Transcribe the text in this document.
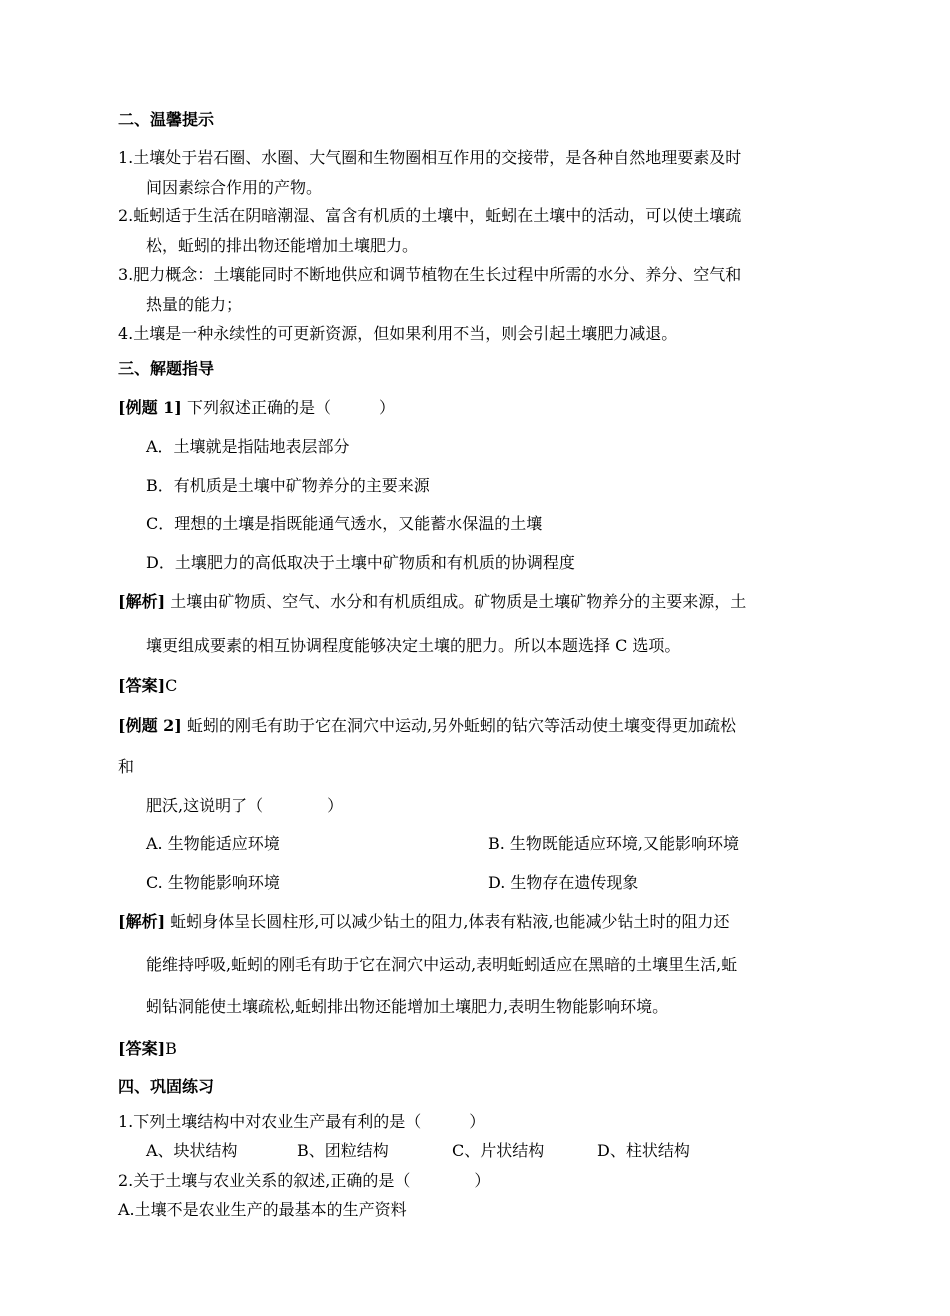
二、温馨提示
1.土壤处于岩石圈、水圈、大气圈和生物圈相互作用的交接带，是各种自然地理要素及时
间因素综合作用的产物。
2.蚯蚓适于生活在阴暗潮湿、富含有机质的土壤中，蚯蚓在土壤中的活动，可以使土壤疏
松，蚯蚓的排出物还能增加土壤肥力。
3.肥力概念：土壤能同时不断地供应和调节植物在生长过程中所需的水分、养分、空气和
热量的能力；
4.土壤是一种永续性的可更新资源，但如果利用不当，则会引起土壤肥力减退。
三、解题指导
[例题 1] 下列叙述正确的是（　　　）
A．土壤就是指陆地表层部分
B．有机质是土壤中矿物养分的主要来源
C．理想的土壤是指既能通气透水，又能蓄水保温的土壤
D．土壤肥力的高低取决于土壤中矿物质和有机质的协调程度
[解析] 土壤由矿物质、空气、水分和有机质组成。矿物质是土壤矿物养分的主要来源，土
壤更组成要素的相互协调程度能够决定土壤的肥力。所以本题选择 C 选项。
[答案]C
[例题 2] 蚯蚓的刚毛有助于它在洞穴中运动,另外蚯蚓的钻穴等活动使土壤变得更加疏松
和
肥沃,这说明了（　　　　）
A. 生物能适应环境	B. 生物既能适应环境,又能影响环境
C. 生物能影响环境	D. 生物存在遗传现象
[解析] 蚯蚓身体呈长圆柱形,可以减少钻土的阻力,体表有粘液,也能减少钻土时的阻力还
能维持呼吸,蚯蚓的刚毛有助于它在洞穴中运动,表明蚯蚓适应在黑暗的土壤里生活,蚯
蚓钻洞能使土壤疏松,蚯蚓排出物还能增加土壤肥力,表明生物能影响环境。
[答案]B
四、巩固练习
1.下列土壤结构中对农业生产最有利的是（　　　）
A、块状结构	B、团粒结构	C、片状结构	D、柱状结构
2.关于土壤与农业关系的叙述,正确的是（　　　　）
A.土壤不是农业生产的最基本的生产资料
